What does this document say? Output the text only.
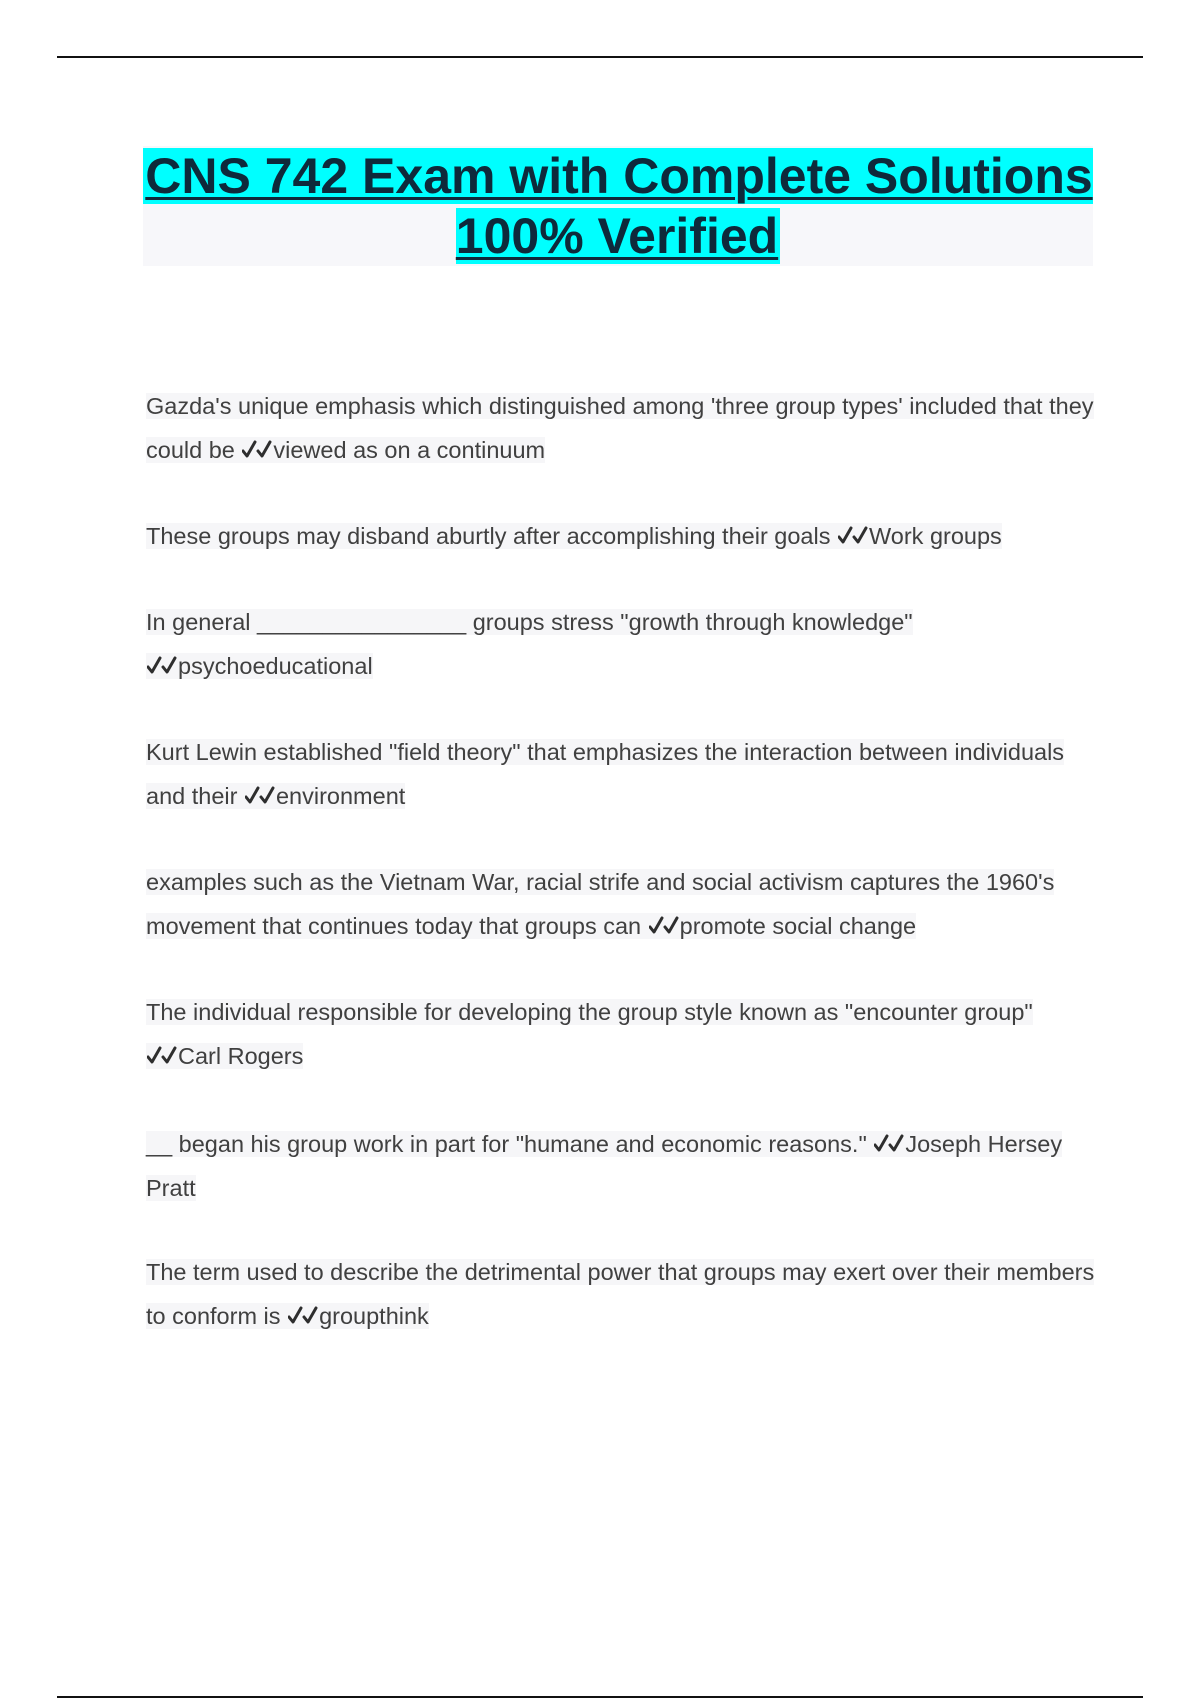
CNS 742 Exam with Complete Solutions 100% Verified

Gazda's unique emphasis which distinguished among 'three group types' included that they could be viewed as on a continuum

These groups may disband aburtly after accomplishing their goals Work groups

In general ________________ groups stress "growth through knowledge"

psychoeducational

Kurt Lewin established "field theory" that emphasizes the interaction between individuals and their environment

examples such as the Vietnam War, racial strife and social activism captures the 1960's movement that continues today that groups can promote social change

The individual responsible for developing the group style known as "encounter group"

Carl Rogers

__ began his group work in part for "humane and economic reasons." Joseph Hersey Pratt

The term used to describe the detrimental power that groups may exert over their members to conform is groupthink
